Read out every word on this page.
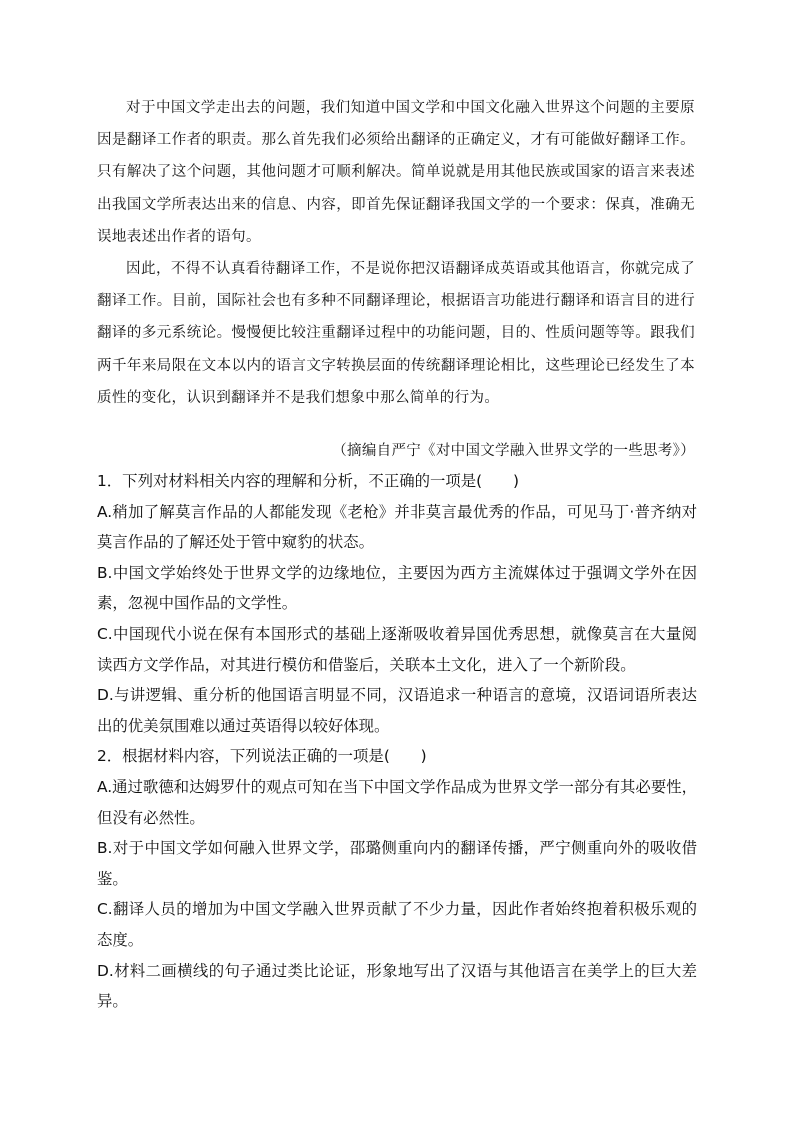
对于中国文学走出去的问题，我们知道中国文学和中国文化融入世界这个问题的主要原因是翻译工作者的职责。那么首先我们必须给出翻译的正确定义，才有可能做好翻译工作。只有解决了这个问题，其他问题才可顺利解决。简单说就是用其他民族或国家的语言来表述出我国文学所表达出来的信息、内容，即首先保证翻译我国文学的一个要求：保真，准确无误地表述出作者的语句。

因此，不得不认真看待翻译工作，不是说你把汉语翻译成英语或其他语言，你就完成了翻译工作。目前，国际社会也有多种不同翻译理论，根据语言功能进行翻译和语言目的进行翻译的多元系统论。慢慢便比较注重翻译过程中的功能问题，目的、性质问题等等。跟我们两千年来局限在文本以内的语言文字转换层面的传统翻译理论相比，这些理论已经发生了本质性的变化，认识到翻译并不是我们想象中那么简单的行为。

（摘编自严宁《对中国文学融入世界文学的一些思考》）

1．下列对材料相关内容的理解和分析，不正确的一项是(　　)

A.稍加了解莫言作品的人都能发现《老枪》并非莫言最优秀的作品，可见马丁·普齐纳对莫言作品的了解还处于管中窥豹的状态。

B.中国文学始终处于世界文学的边缘地位，主要因为西方主流媒体过于强调文学外在因素，忽视中国作品的文学性。

C.中国现代小说在保有本国形式的基础上逐渐吸收着异国优秀思想，就像莫言在大量阅读西方文学作品，对其进行模仿和借鉴后，关联本土文化，进入了一个新阶段。

D.与讲逻辑、重分析的他国语言明显不同，汉语追求一种语言的意境，汉语词语所表达出的优美氛围难以通过英语得以较好体现。

2．根据材料内容，下列说法正确的一项是(　　)

A.通过歌德和达姆罗什的观点可知在当下中国文学作品成为世界文学一部分有其必要性，但没有必然性。

B.对于中国文学如何融入世界文学，邵璐侧重向内的翻译传播，严宁侧重向外的吸收借鉴。

C.翻译人员的增加为中国文学融入世界贡献了不少力量，因此作者始终抱着积极乐观的态度。

D.材料二画横线的句子通过类比论证，形象地写出了汉语与其他语言在美学上的巨大差异。
